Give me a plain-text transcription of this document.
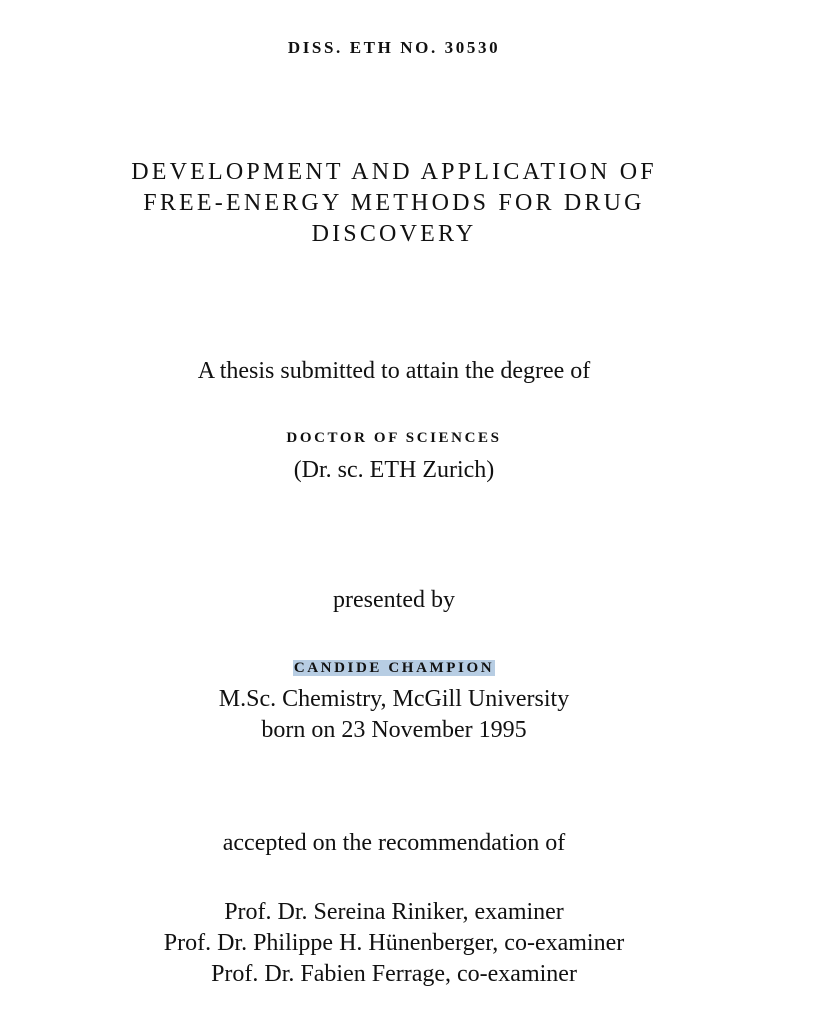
DISS. ETH NO. 30530
DEVELOPMENT AND APPLICATION OF
FREE-ENERGY METHODS FOR DRUG
DISCOVERY
A thesis submitted to attain the degree of
DOCTOR OF SCIENCES
(Dr. sc. ETH Zurich)
presented by
CANDIDE CHAMPION
M.Sc. Chemistry, McGill University
born on 23 November 1995
accepted on the recommendation of
Prof. Dr. Sereina Riniker, examiner
Prof. Dr. Philippe H. Hünenberger, co-examiner
Prof. Dr. Fabien Ferrage, co-examiner
